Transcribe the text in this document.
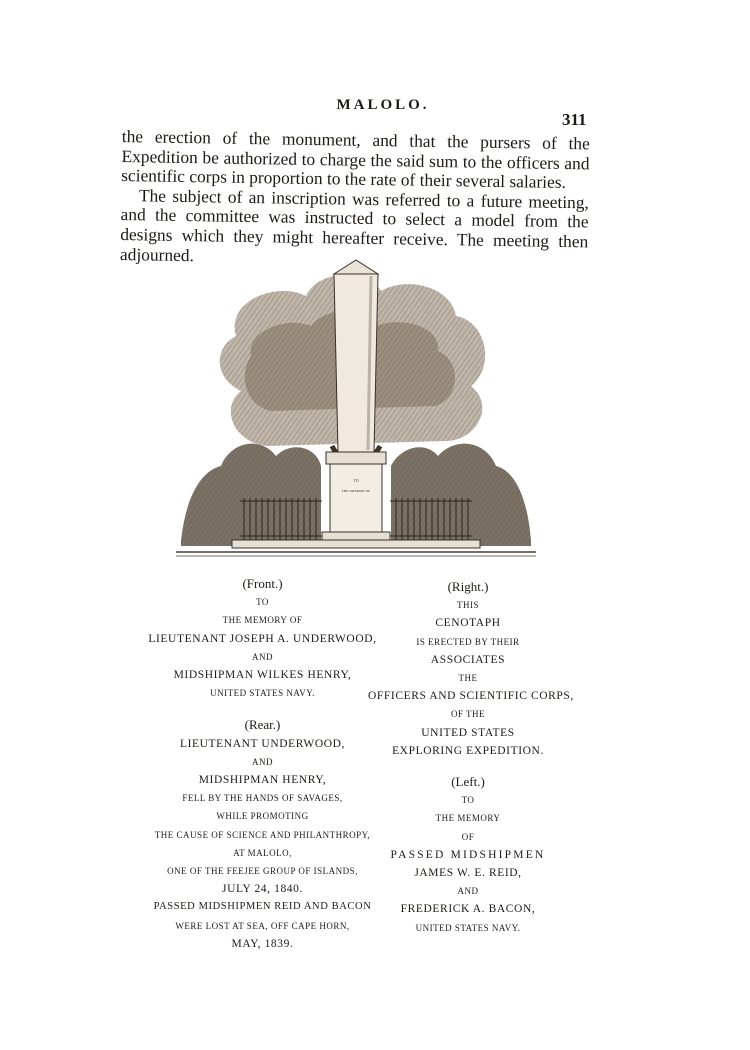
MALOLO.
311

the erection of the monument, and that the pursers of the Expedition be authorized to charge the said sum to the officers and scientific corps in proportion to the rate of their several salaries.

The subject of an inscription was referred to a future meeting, and the committee was instructed to select a model from the designs which they might hereafter receive. The meeting then adjourned.

TO
THE MEMORY OF
(Front.)
TO
THE MEMORY OF
LIEUTENANT JOSEPH A. UNDERWOOD,
AND
MIDSHIPMAN WILKES HENRY,
UNITED STATES NAVY.
(Rear.)
LIEUTENANT UNDERWOOD,
AND
MIDSHIPMAN HENRY,
FELL BY THE HANDS OF SAVAGES,
WHILE PROMOTING
THE CAUSE OF SCIENCE AND PHILANTHROPY,
AT MALOLO,
ONE OF THE FEEJEE GROUP OF ISLANDS,
JULY 24, 1840.
PASSED MIDSHIPMEN REID AND BACON
WERE LOST AT SEA, OFF CAPE HORN,
MAY, 1839.
(Right.)
THIS
CENOTAPH
IS ERECTED BY THEIR
ASSOCIATES
THE
OFFICERS AND SCIENTIFIC CORPS,
OF THE
UNITED STATES
EXPLORING EXPEDITION.
(Left.)
TO
THE MEMORY
OF
PASSED MIDSHIPMEN
JAMES W. E. REID,
AND
FREDERICK A. BACON,
UNITED STATES NAVY.
